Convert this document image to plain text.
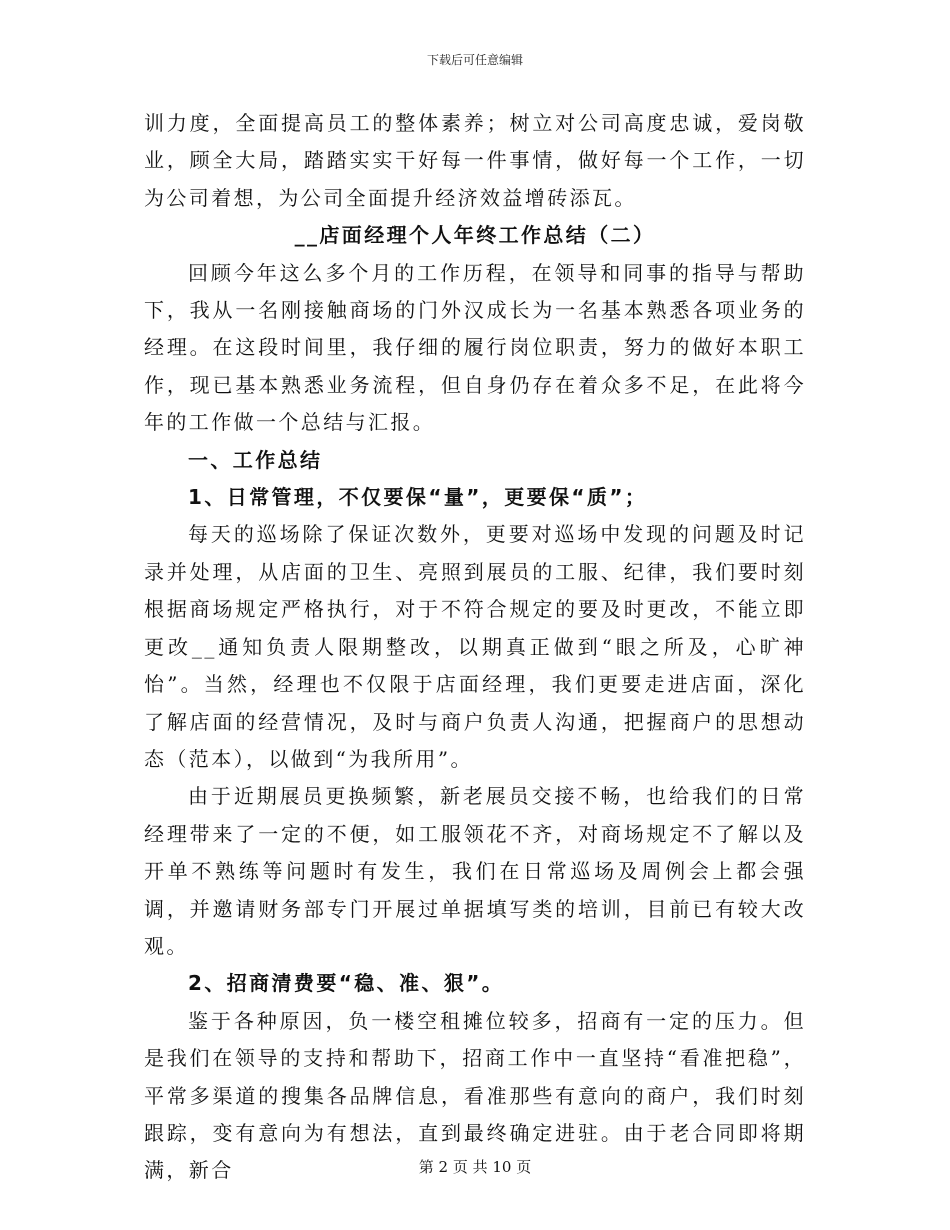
下载后可任意编辑

训力度，全面提高员工的整体素养；树立对公司高度忠诚，爱岗敬业，顾全大局，踏踏实实干好每一件事情，做好每一个工作，一切为公司着想，为公司全面提升经济效益增砖添瓦。

__店面经理个人年终工作总结（二）

回顾今年这么多个月的工作历程，在领导和同事的指导与帮助下，我从一名刚接触商场的门外汉成长为一名基本熟悉各项业务的经理。在这段时间里，我仔细的履行岗位职责，努力的做好本职工作，现已基本熟悉业务流程，但自身仍存在着众多不足，在此将今年的工作做一个总结与汇报。

一、工作总结

1、日常管理，不仅要保“量”，更要保“质”；

每天的巡场除了保证次数外，更要对巡场中发现的问题及时记录并处理，从店面的卫生、亮照到展员的工服、纪律，我们要时刻根据商场规定严格执行，对于不符合规定的要及时更改，不能立即更改__通知负责人限期整改，以期真正做到“眼之所及，心旷神怡”。当然，经理也不仅限于店面经理，我们更要走进店面，深化了解店面的经营情况，及时与商户负责人沟通，把握商户的思想动态（范本），以做到“为我所用”。

由于近期展员更换频繁，新老展员交接不畅，也给我们的日常经理带来了一定的不便，如工服领花不齐，对商场规定不了解以及开单不熟练等问题时有发生，我们在日常巡场及周例会上都会强调，并邀请财务部专门开展过单据填写类的培训，目前已有较大改观。

2、招商清费要“稳、准、狠”。

鉴于各种原因，负一楼空租摊位较多，招商有一定的压力。但是我们在领导的支持和帮助下，招商工作中一直坚持“看准把稳”，平常多渠道的搜集各品牌信息，看准那些有意向的商户，我们时刻跟踪，变有意向为有想法，直到最终确定进驻。由于老合同即将期满，新合	第 2 页 共 10 页
